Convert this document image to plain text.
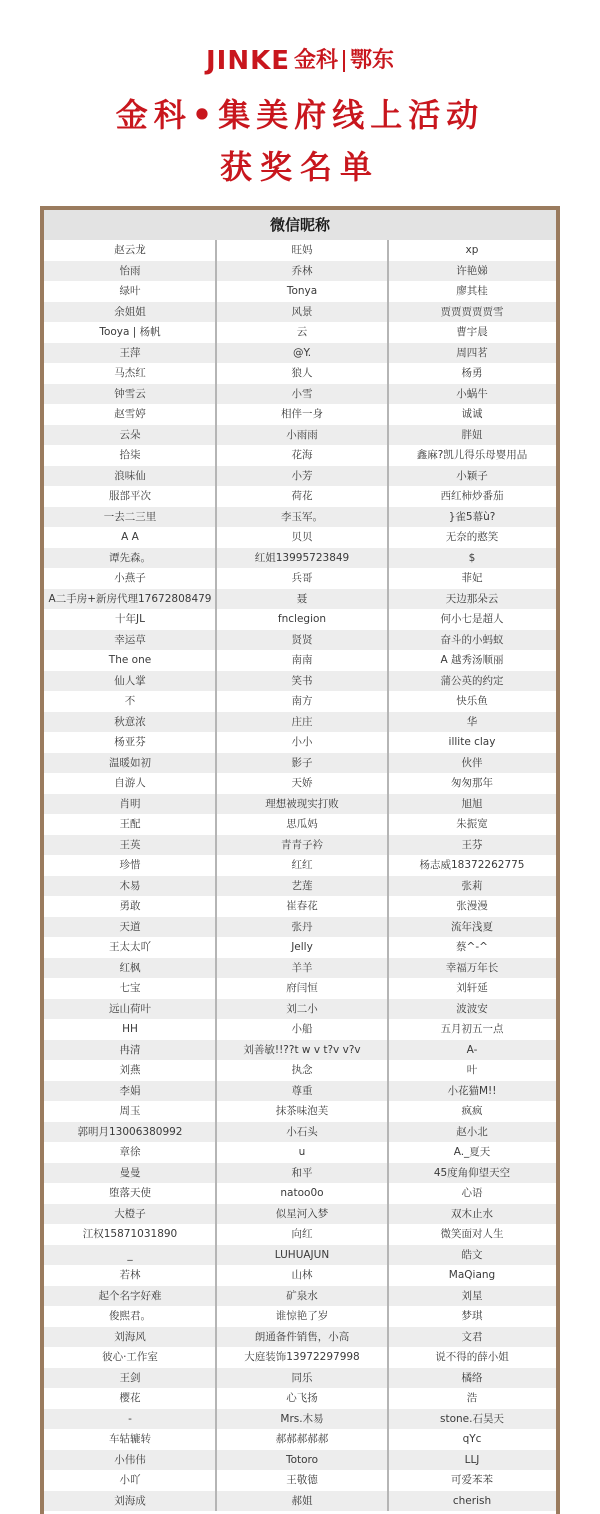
JINKE 金科 鄂东
金科•集美府线上活动
获奖名单
微信昵称
赵云龙	旺妈	xp
怡雨	乔林	许艳娣
绿叶	Tonya	廖其桂
余姐姐	风景	贾贾贾贾贾雪
Tooya | 杨帆	云	曹宇晨
王萍	@Y.	周四茗
马杰红	狼人	杨勇
钟雪云	小雪	小蜗牛
赵雪婷	相伴一身	诚诚
云朵	小雨雨	胖妞
拾柒	花海	鑫麻?凯儿得乐母婴用品
浪味仙	小芳	小颖子
服部平次	荷花	西红柿炒番茄
一去二三里	李玉军。	}雀5幕ù?
A A	贝贝	无奈的憨笑
谭先森。	红姐13995723849	$
小燕子	兵哥	菲妃
A二手房+新房代理17672808479	聂	天边那朵云
十年JL	fnclegion	何小七是超人
幸运草	贤贤	奋斗的小蚂蚁
The one	南南	A 越秀汤顺丽
仙人掌	笑书	蒲公英的约定
不	南方	快乐鱼
秋意浓	庄庄	华
杨亚芬	小小	illite clay
温暖如初	影子	伙伴
自游人	天娇	匆匆那年
肖明	理想被现实打败	旭旭
王配	思瓜妈	朱振宽
王英	青青子衿	王芬
珍惜	红红	杨志威18372262775
木易	艺莲	张莉
勇敢	崔春花	张漫漫
天道	张丹	流年浅夏
王太太吖	Jelly	蔡^-^
红枫	羊羊	幸福万年长
七宝	府闫恒	刘轩延
远山荷叶	刘二小	波波安
HH	小船	五月初五一点
冉清	刘善敏!!??t w v t?v v?v	A-
刘燕	执念	叶
李娟	尊重	小花猫M!!
周玉	抹茶味泡芙	疯疯
郭明月13006380992	小石头	赵小北
章徐	u	A._夏天
曼曼	和平	45度角仰望天空
堕落天使	natoo0o	心语
大橙子	似星河入梦	双木止水
江权15871031890	向红	微笑面对人生
_	LUHUAJUN	皓文
若林	山林	MaQiang
起个名字好难	矿泉水	刘星
俊熙君。	谁惊艳了岁	梦琪
刘海风	朗通备件销售，小高	文君
彼心·工作室	大庭装饰13972297998	说不得的薛小姐
王剑	同乐	橘络
樱花	心飞扬	浩
-	Mrs.木易	stone.石昊天
车轱辘转	郝郝郝郝郝	qYc
小伟伟	Totoro	LLJ
小吖	王敬德	可爱苯苯
刘海成	郝姐	cherish
